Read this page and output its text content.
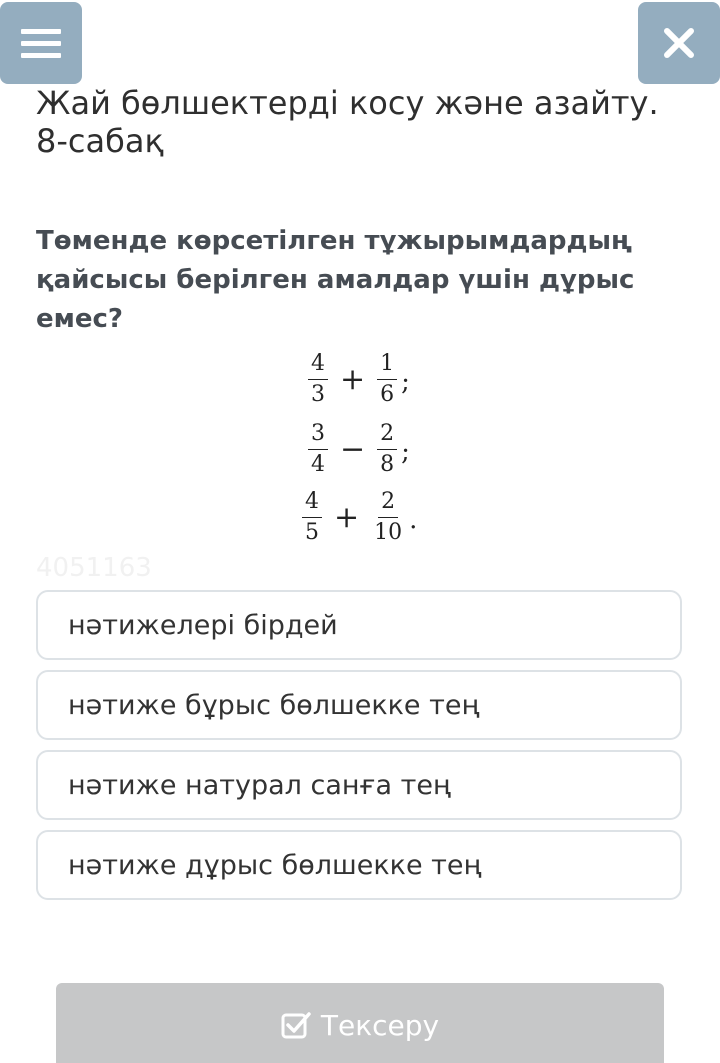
Жай бөлшектерді косу және азайту.
8-сабақ

Төменде көрсетілген тұжырымдардың қайсысы берілген амалдар үшін дұрыс емес?

$\frac{4}{3} + \frac{1}{6}$ ;
$\frac{3}{4} - \frac{2}{8}$ ;
$\frac{4}{5} + \frac{2}{10}$ .
4051163
нәтижелері бірдей
нәтиже бұрыс бөлшекке тең
нәтиже натурал санға тең
нәтиже дұрыс бөлшекке тең
Тексеру
